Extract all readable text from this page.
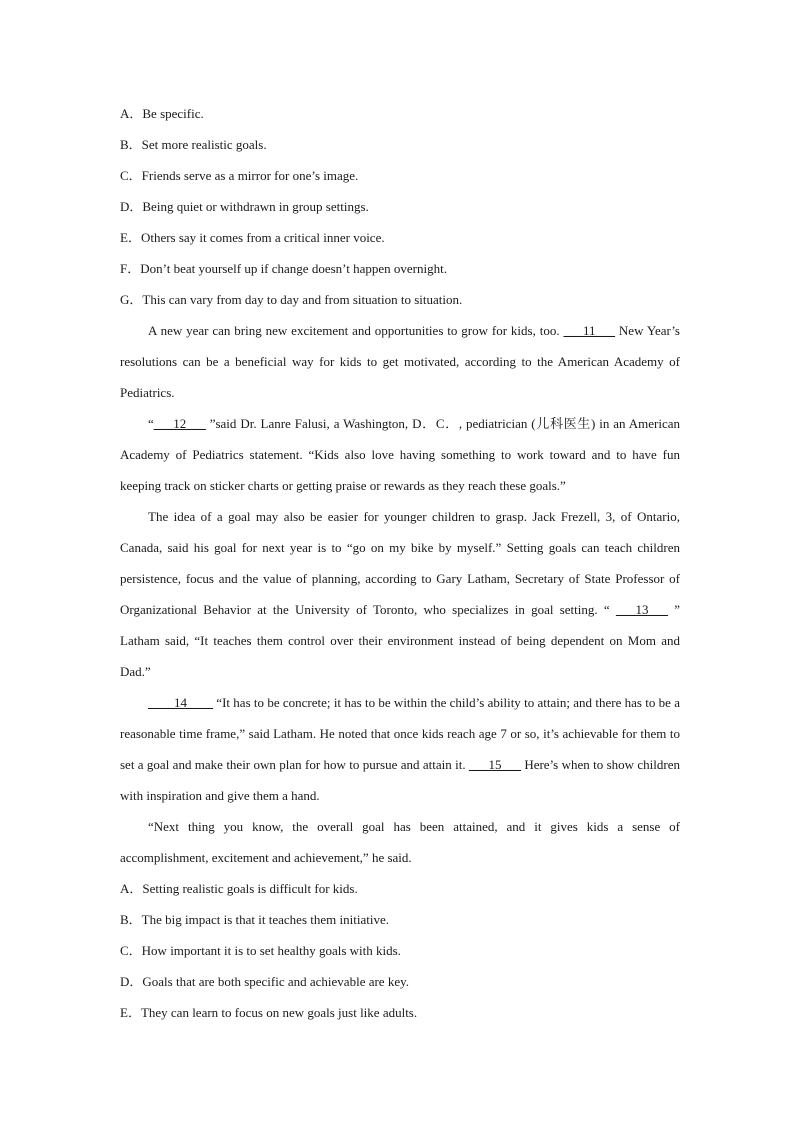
A．Be specific.
B．Set more realistic goals.
C．Friends serve as a mirror for one’s image.
D．Being quiet or withdrawn in group settings.
E．Others say it comes from a critical inner voice.
F．Don’t beat yourself up if change doesn’t happen overnight.
G．This can vary from day to day and from situation to situation.

A new year can bring new excitement and opportunities to grow for kids, too. ___11___ New Year’s resolutions can be a beneficial way for kids to get motivated, according to the American Academy of Pediatrics.

“___12___ ”said Dr. Lanre Falusi, a Washington, D．C．, pediatrician (儿科医生) in an American Academy of Pediatrics statement. “Kids also love having something to work toward and to have fun keeping track on sticker charts or getting praise or rewards as they reach these goals.”

The idea of a goal may also be easier for younger children to grasp. Jack Frezell, 3, of Ontario, Canada, said his goal for next year is to “go on my bike by myself.” Setting goals can teach children persistence, focus and the value of planning, according to Gary Latham, Secretary of State Professor of Organizational Behavior at the University of Toronto, who specializes in goal setting. “ ___13___ ” Latham said, “It teaches them control over their environment instead of being dependent on Mom and Dad.”

____14____ “It has to be concrete; it has to be within the child’s ability to attain; and there has to be a reasonable time frame,” said Latham. He noted that once kids reach age 7 or so, it’s achievable for them to set a goal and make their own plan for how to pursue and attain it. ___15___ Here’s when to show children with inspiration and give them a hand.

“Next thing you know, the overall goal has been attained, and it gives kids a sense of accomplishment, excitement and achievement,” he said.

A．Setting realistic goals is difficult for kids.
B．The big impact is that it teaches them initiative.
C．How important it is to set healthy goals with kids.
D．Goals that are both specific and achievable are key.
E．They can learn to focus on new goals just like adults.
